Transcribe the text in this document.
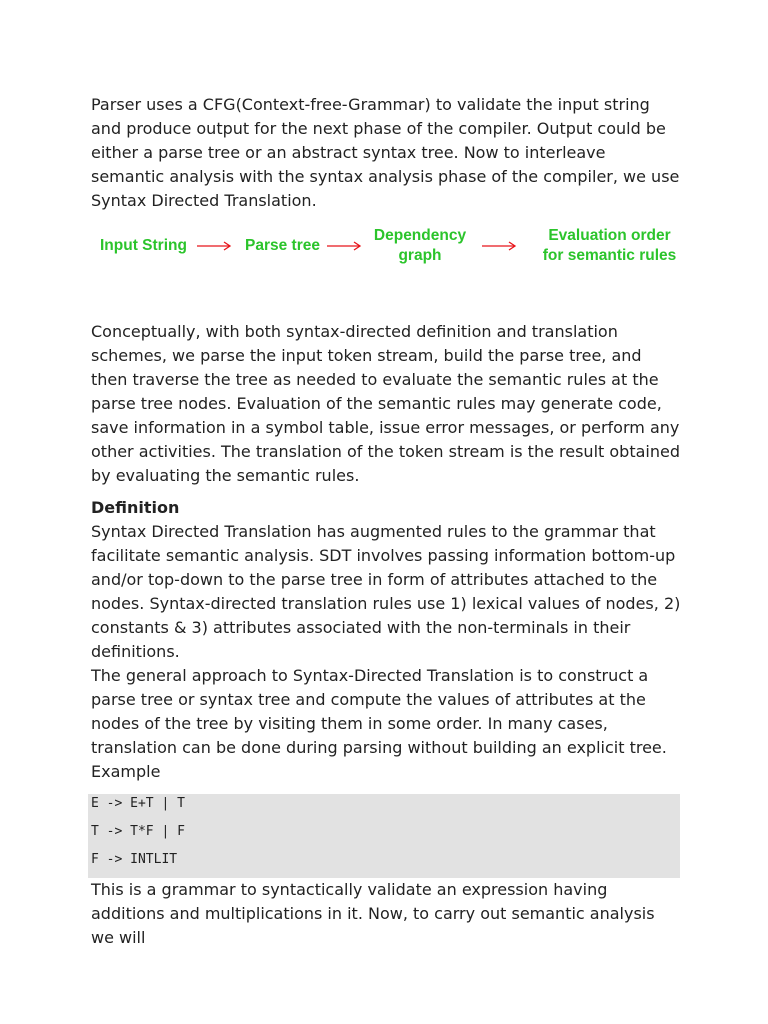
Parser uses a CFG(Context-free-Grammar) to validate the input string and produce output for the next phase of the compiler. Output could be either a parse tree or an abstract syntax tree. Now to interleave semantic analysis with the syntax analysis phase of the compiler, we use Syntax Directed Translation.

Input String	Parse tree
Dependency
graph
Evaluation order
for semantic rules

Conceptually, with both syntax-directed definition and translation schemes, we parse the input token stream, build the parse tree, and then traverse the tree as needed to evaluate the semantic rules at the parse tree nodes. Evaluation of the semantic rules may generate code, save information in a symbol table, issue error messages, or perform any other activities. The translation of the token stream is the result obtained by evaluating the semantic rules.

Definition

Syntax Directed Translation has augmented rules to the grammar that facilitate semantic analysis. SDT involves passing information bottom-up and/or top-down to the parse tree in form of attributes attached to the nodes. Syntax-directed translation rules use 1) lexical values of nodes, 2) constants & 3) attributes associated with the non-terminals in their definitions.

The general approach to Syntax-Directed Translation is to construct a parse tree or syntax tree and compute the values of attributes at the nodes of the tree by visiting them in some order. In many cases, translation can be done during parsing without building an explicit tree.

Example

E -> E+T | T
T -> T*F | F
F -> INTLIT

This is a grammar to syntactically validate an expression having additions and multiplications in it. Now, to carry out semantic analysis we will
